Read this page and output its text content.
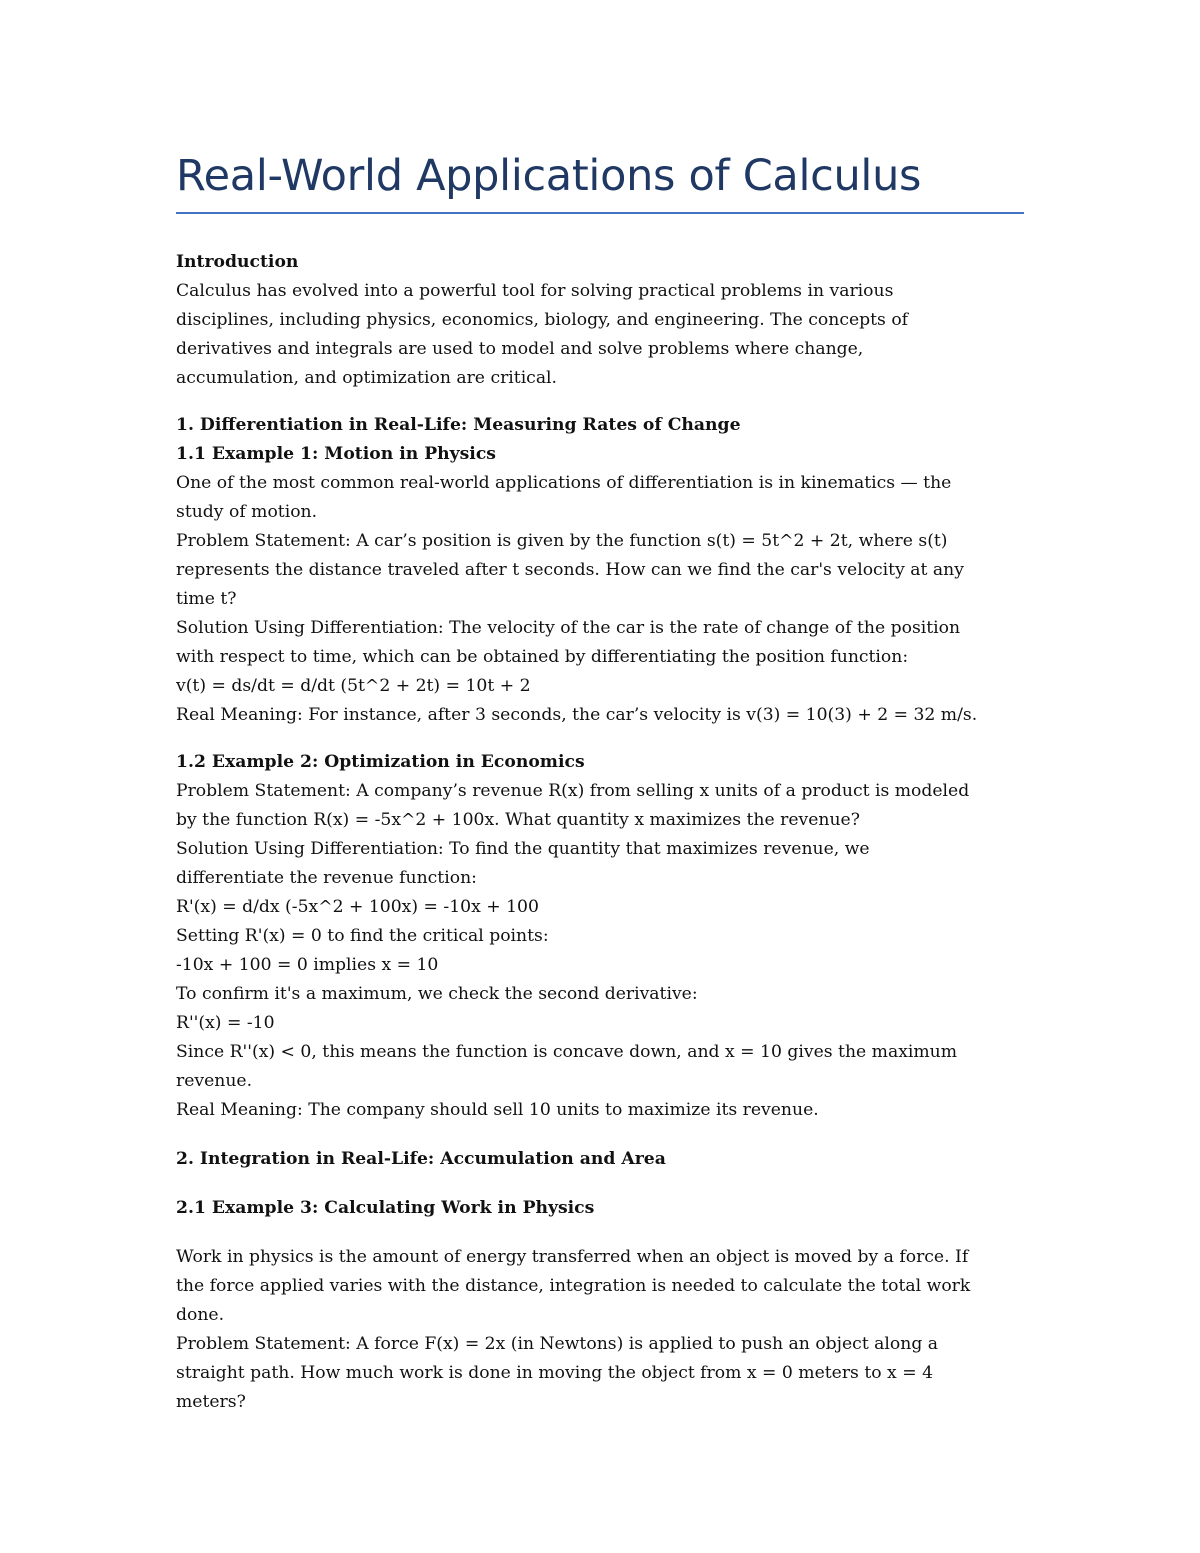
Real-World Applications of Calculus

Introduction

Calculus has evolved into a powerful tool for solving practical problems in various

disciplines, including physics, economics, biology, and engineering. The concepts of

derivatives and integrals are used to model and solve problems where change,

accumulation, and optimization are critical.

1. Differentiation in Real-Life: Measuring Rates of Change

1.1 Example 1: Motion in Physics

One of the most common real-world applications of differentiation is in kinematics — the

study of motion.

Problem Statement: A car’s position is given by the function s(t) = 5t^2 + 2t, where s(t)

represents the distance traveled after t seconds. How can we find the car's velocity at any

time t?

Solution Using Differentiation: The velocity of the car is the rate of change of the position

with respect to time, which can be obtained by differentiating the position function:

v(t) = ds/dt = d/dt (5t^2 + 2t) = 10t + 2

Real Meaning: For instance, after 3 seconds, the car’s velocity is v(3) = 10(3) + 2 = 32 m/s.

1.2 Example 2: Optimization in Economics

Problem Statement: A company’s revenue R(x) from selling x units of a product is modeled

by the function R(x) = -5x^2 + 100x. What quantity x maximizes the revenue?

Solution Using Differentiation: To find the quantity that maximizes revenue, we

differentiate the revenue function:

R'(x) = d/dx (-5x^2 + 100x) = -10x + 100

Setting R'(x) = 0 to find the critical points:

-10x + 100 = 0 implies x = 10

To confirm it's a maximum, we check the second derivative:

R''(x) = -10

Since R''(x) < 0, this means the function is concave down, and x = 10 gives the maximum

revenue.

Real Meaning: The company should sell 10 units to maximize its revenue.

2. Integration in Real-Life: Accumulation and Area

2.1 Example 3: Calculating Work in Physics

Work in physics is the amount of energy transferred when an object is moved by a force. If

the force applied varies with the distance, integration is needed to calculate the total work

done.

Problem Statement: A force F(x) = 2x (in Newtons) is applied to push an object along a

straight path. How much work is done in moving the object from x = 0 meters to x = 4

meters?
